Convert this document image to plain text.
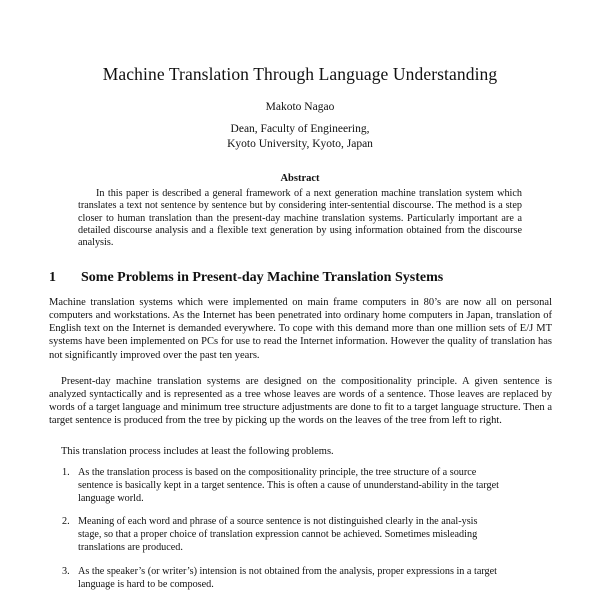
Machine Translation Through Language Understanding
Makoto Nagao
Dean, Faculty of Engineering,
Kyoto University, Kyoto, Japan
Abstract

In this paper is described a general framework of a next generation machine translation system which translates a text not sentence by sentence but by considering inter-sentential discourse. The method is a step closer to human translation than the present-day machine translation systems. Particularly important are a detailed discourse analysis and a flexible text generation by using information obtained from the discourse analysis.

1 Some Problems in Present-day Machine Translation Systems

Machine translation systems which were implemented on main frame computers in 80’s are now all on personal computers and workstations. As the Internet has been penetrated into ordinary home computers in Japan, translation of English text on the Internet is demanded everywhere. To cope with this demand more than one million sets of E/J MT systems have been implemented on PCs for use to read the Internet information. However the quality of translation has not significantly improved over the past ten years.

Present-day machine translation systems are designed on the compositionality principle. A given sentence is analyzed syntactically and is represented as a tree whose leaves are words of a sentence. Those leaves are replaced by words of a target language and minimum tree structure adjustments are done to fit to a target language structure. Then a target sentence is produced from the tree by picking up the words on the leaves of the tree from left to right.

This translation process includes at least the following problems.

1. As the translation process is based on the compositionality principle, the tree structure of a source sentence is basically kept in a target sentence. This is often a cause of ununderstand-ability in the target language world.
2. Meaning of each word and phrase of a source sentence is not distinguished clearly in the anal-ysis stage, so that a proper choice of translation expression cannot be achieved. Sometimes misleading translations are produced.
3. As the speaker’s (or writer’s) intension is not obtained from the analysis, proper expressions in a target language is hard to be composed.
